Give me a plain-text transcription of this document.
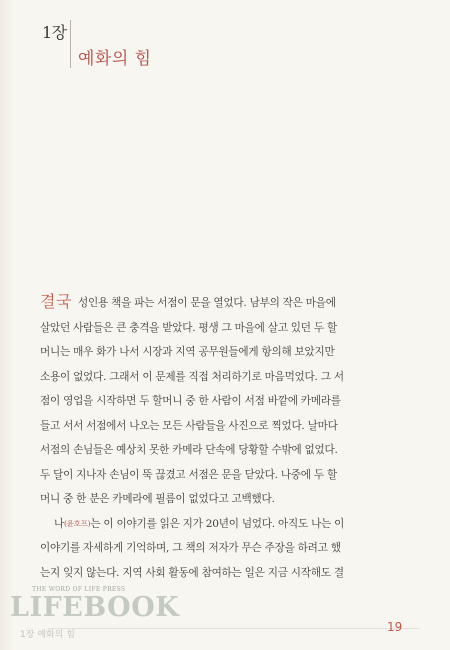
1장
예화의 힘

결국 성인용 책을 파는 서점이 문을 열었다. 남부의 작은 마을에
살았던 사람들은 큰 충격을 받았다. 평생 그 마을에 살고 있던 두 할
머니는 매우 화가 나서 시장과 지역 공무원들에게 항의해 보았지만
소용이 없었다. 그래서 이 문제를 직접 처리하기로 마음먹었다. 그 서
점이 영업을 시작하면 두 할머니 중 한 사람이 서점 바깥에 카메라를
들고 서서 서점에서 나오는 모든 사람들을 사진으로 찍었다. 날마다
서점의 손님들은 예상치 못한 카메라 단속에 당황할 수밖에 없었다.
두 달이 지나자 손님이 뚝 끊겼고 서점은 문을 닫았다. 나중에 두 할
머니 중 한 분은 카메라에 필름이 없었다고 고백했다.

나(윤호프)는 이 이야기를 읽은 지가 20년이 넘었다. 아직도 나는 이
이야기를 자세하게 기억하며, 그 책의 저자가 무슨 주장을 하려고 했
는지 잊지 않는다. 지역 사회 활동에 참여하는 일은 지금 시작해도 결

19
THE WORD OF LIFE PRESS
LIFEBOOK
1장 예화의 힘
